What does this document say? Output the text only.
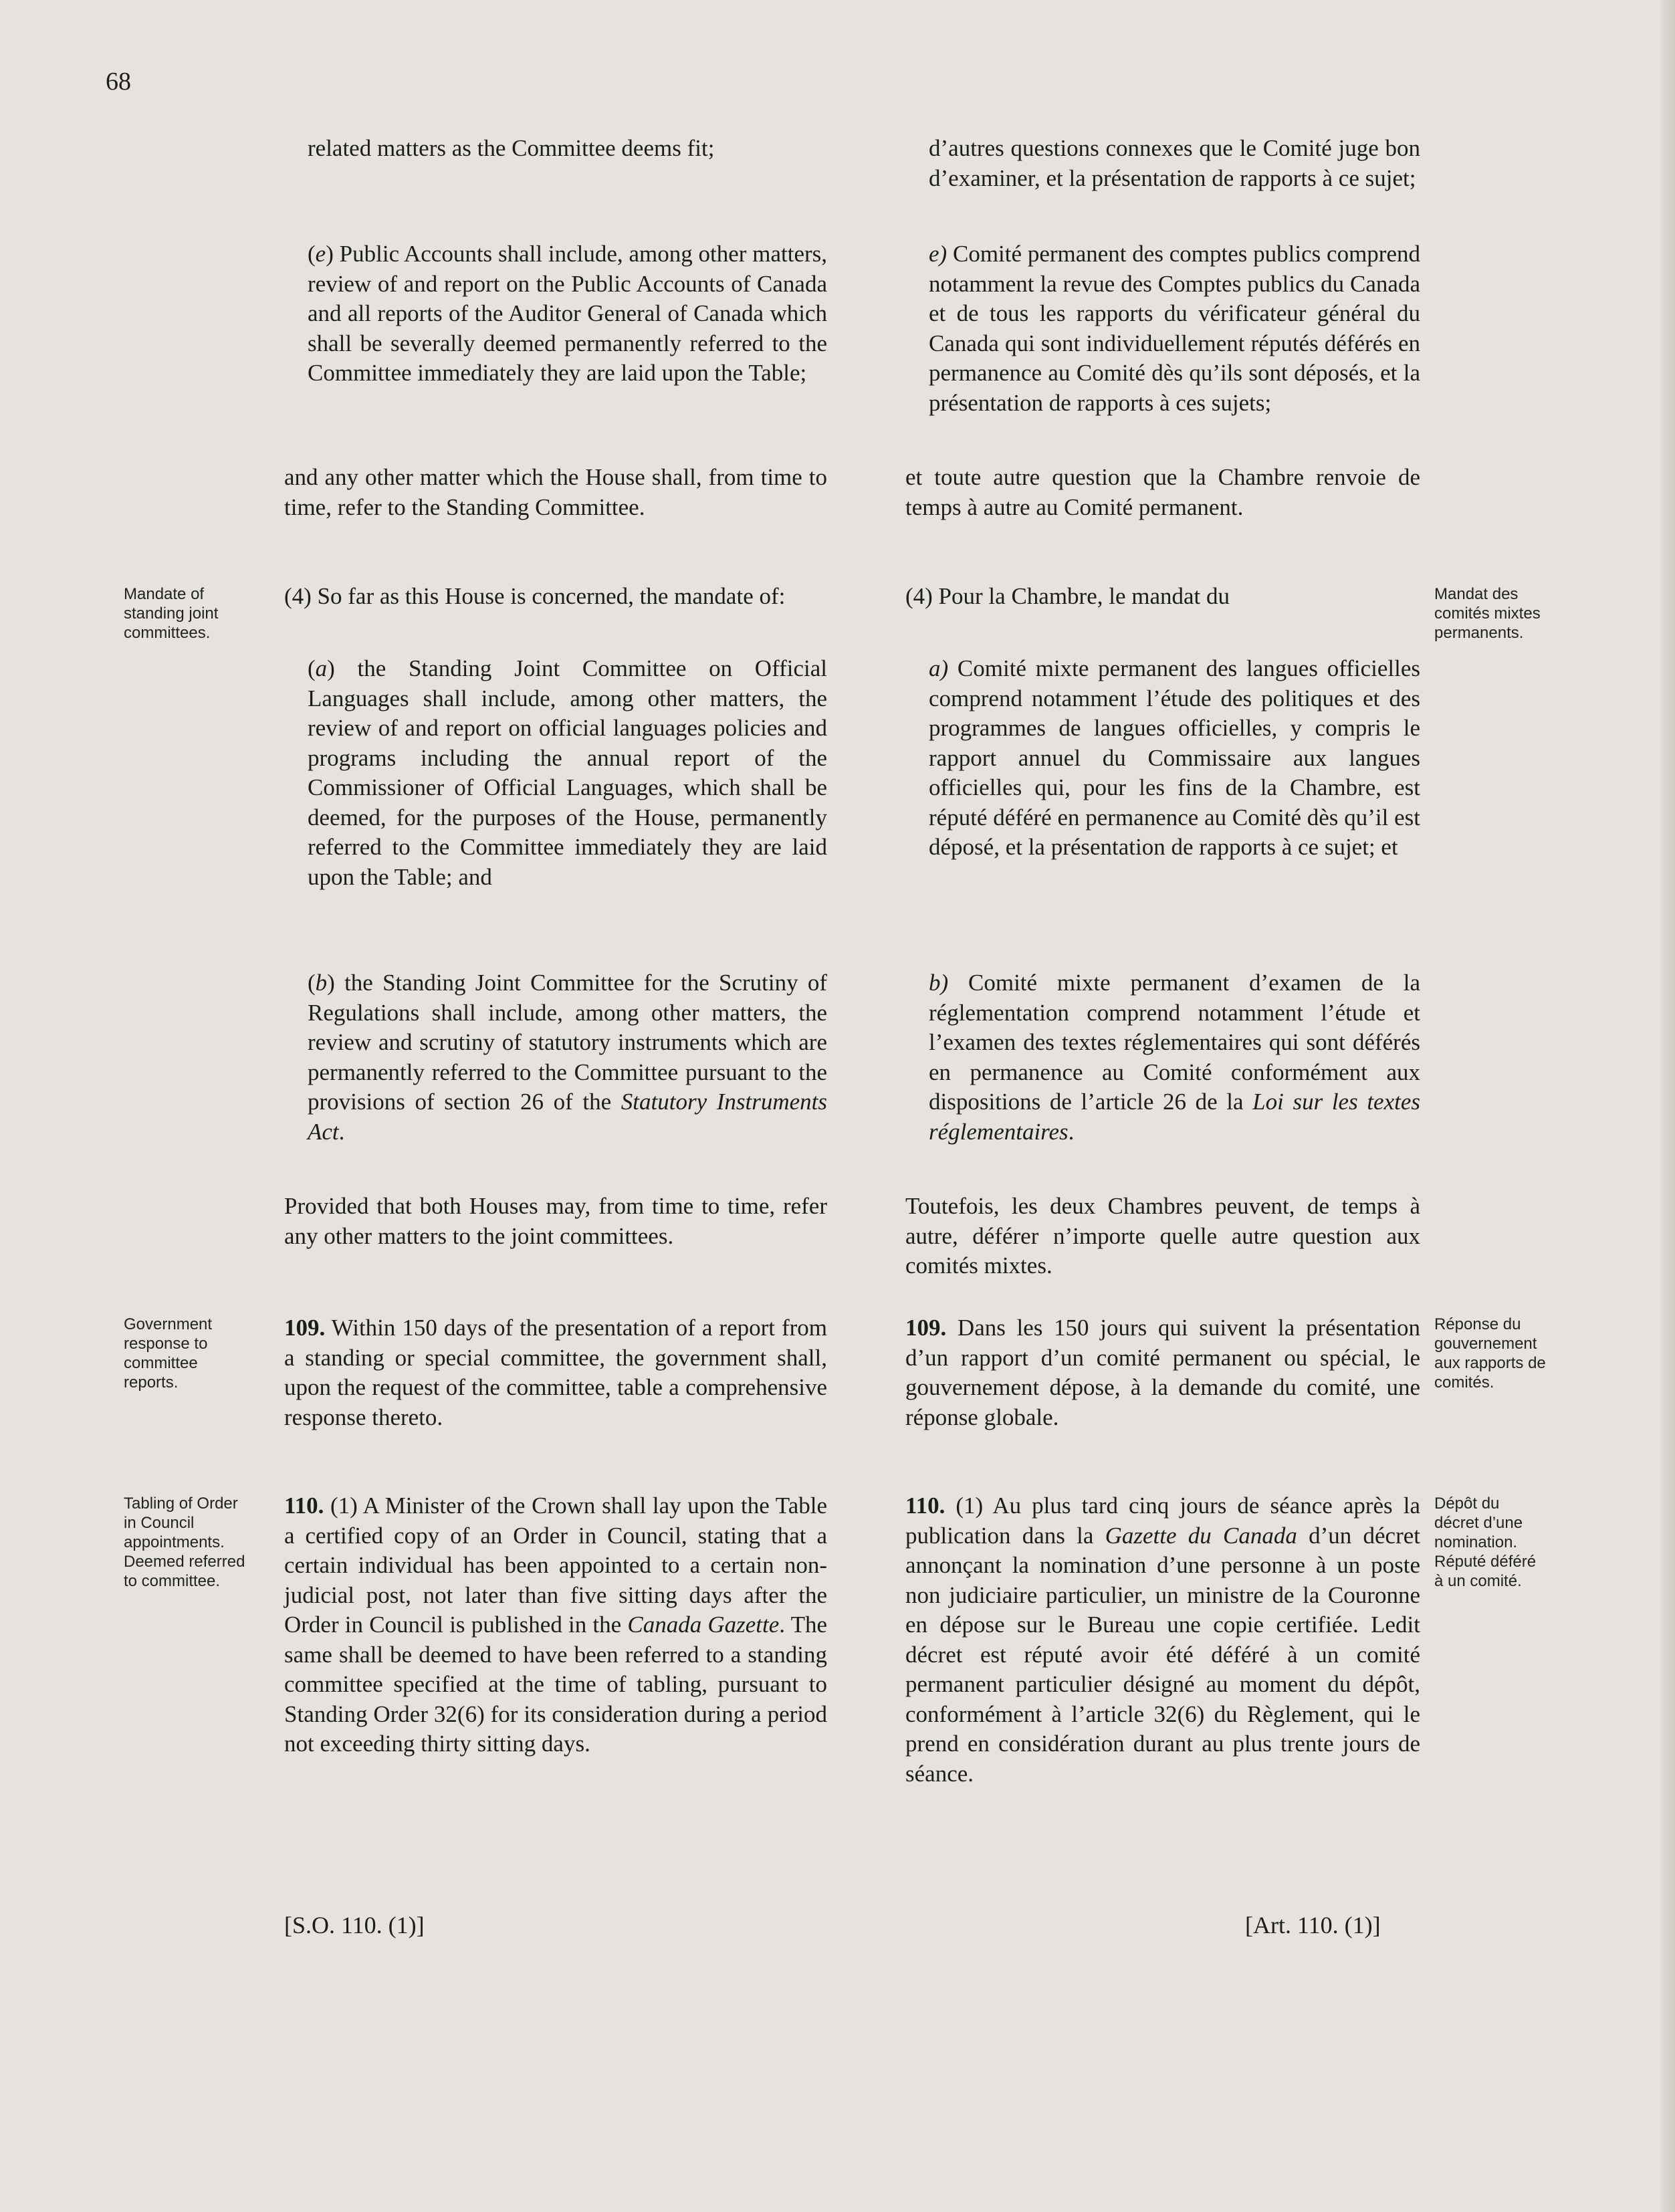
68

related matters as the Committee deems fit;

(e) Public Accounts shall include, among other matters, review of and report on the Public Accounts of Canada and all reports of the Auditor General of Canada which shall be severally deemed permanently referred to the Committee immediately they are laid upon the Table;

and any other matter which the House shall, from time to time, refer to the Standing Committee.

(4) So far as this House is concerned, the mandate of:

(a) the Standing Joint Committee on Official Languages shall include, among other matters, the review of and report on official languages policies and programs including the annual report of the Commissioner of Official Languages, which shall be deemed, for the purposes of the House, permanently referred to the Committee immediately they are laid upon the Table; and

(b) the Standing Joint Committee for the Scrutiny of Regulations shall include, among other matters, the review and scrutiny of statutory instruments which are permanently referred to the Committee pursuant to the provisions of section 26 of the Statutory Instruments Act.

Provided that both Houses may, from time to time, refer any other matters to the joint committees.

109. Within 150 days of the presentation of a report from a standing or special committee, the government shall, upon the request of the committee, table a comprehensive response thereto.

110. (1) A Minister of the Crown shall lay upon the Table a certified copy of an Order in Council, stating that a certain individual has been appointed to a certain non-judicial post, not later than five sitting days after the Order in Council is published in the Canada Gazette. The same shall be deemed to have been referred to a standing committee specified at the time of tabling, pursuant to Standing Order 32(6) for its consideration during a period not exceeding thirty sitting days.

d’autres questions connexes que le Comité juge bon d’examiner, et la présentation de rapports à ce sujet;

e) Comité permanent des comptes publics comprend notamment la revue des Comptes publics du Canada et de tous les rapports du vérificateur général du Canada qui sont individuellement réputés déférés en permanence au Comité dès qu’ils sont déposés, et la présentation de rapports à ces sujets;

et toute autre question que la Chambre renvoie de temps à autre au Comité permanent.

(4) Pour la Chambre, le mandat du

a) Comité mixte permanent des langues officielles comprend notamment l’étude des politiques et des programmes de langues officielles, y compris le rapport annuel du Commissaire aux langues officielles qui, pour les fins de la Chambre, est réputé déféré en permanence au Comité dès qu’il est déposé, et la présentation de rapports à ce sujet; et

b) Comité mixte permanent d’examen de la réglementation comprend notamment l’étude et l’examen des textes réglementaires qui sont déférés en permanence au Comité conformément aux dispositions de l’article 26 de la Loi sur les textes réglementaires.

Toutefois, les deux Chambres peuvent, de temps à autre, déférer n’importe quelle autre question aux comités mixtes.

109. Dans les 150 jours qui suivent la présentation d’un rapport d’un comité permanent ou spécial, le gouvernement dépose, à la demande du comité, une réponse globale.

110. (1) Au plus tard cinq jours de séance après la publication dans la Gazette du Canada d’un décret annonçant la nomination d’une personne à un poste non judiciaire particulier, un ministre de la Couronne en dépose sur le Bureau une copie certifiée. Ledit décret est réputé avoir été déféré à un comité permanent particulier désigné au moment du dépôt, conformément à l’article 32(6) du Règlement, qui le prend en considération durant au plus trente jours de séance.

Mandate of standing joint committees.
Government response to committee reports.
Tabling of Order in Council appointments.
Deemed referred to committee.
Mandat des comités mixtes permanents.
Réponse du gouvernement aux rapports de comités.
Dépôt du décret d’une nomination.
Réputé déféré à un comité.
[S.O. 110. (1)]	[Art. 110. (1)]
